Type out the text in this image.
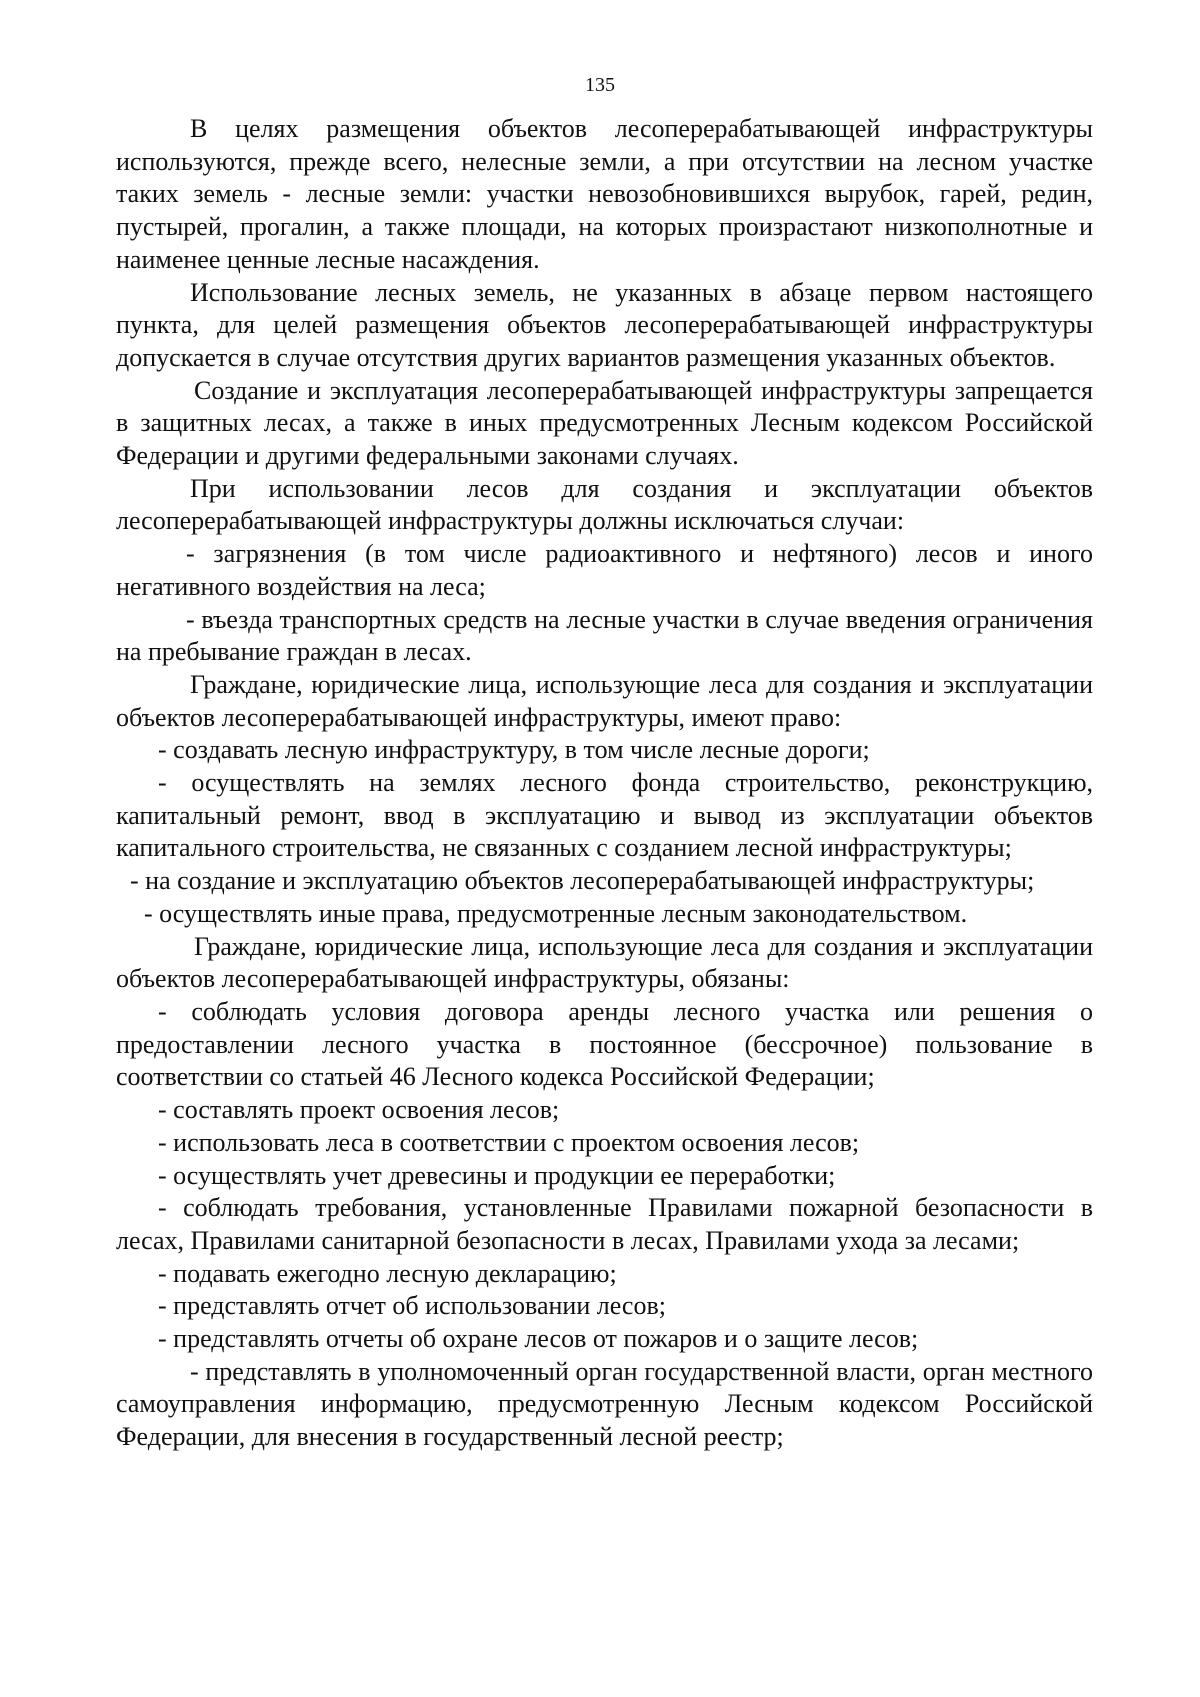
135

В целях размещения объектов лесоперерабатывающей инфраструктуры используются, прежде всего, нелесные земли, а при отсутствии на лесном участке таких земель - лесные земли: участки невозобновившихся вырубок, гарей, редин, пустырей, прогалин, а также площади, на которых произрастают низкополнотные и наименее ценные лесные насаждения.

Использование лесных земель, не указанных в абзаце первом настоящего пункта, для целей размещения объектов лесоперерабатывающей инфраструктуры допускается в случае отсутствия других вариантов размещения указанных объектов.

Создание и эксплуатация лесоперерабатывающей инфраструктуры запрещается в защитных лесах, а также в иных предусмотренных Лесным кодексом Российской Федерации и другими федеральными законами случаях.

При использовании лесов для создания и эксплуатации объектов лесоперерабатывающей инфраструктуры должны исключаться случаи:

- загрязнения (в том числе радиоактивного и нефтяного) лесов и иного негативного воздействия на леса;

- въезда транспортных средств на лесные участки в случае введения ограничения на пребывание граждан в лесах.

Граждане, юридические лица, использующие леса для создания и эксплуатации объектов лесоперерабатывающей инфраструктуры, имеют право:

- создавать лесную инфраструктуру, в том числе лесные дороги;

- осуществлять на землях лесного фонда строительство, реконструкцию, капитальный ремонт, ввод в эксплуатацию и вывод из эксплуатации объектов капитального строительства, не связанных с созданием лесной инфраструктуры;

- на создание и эксплуатацию объектов лесоперерабатывающей инфраструктуры;

- осуществлять иные права, предусмотренные лесным законодательством.

Граждане, юридические лица, использующие леса для создания и эксплуатации объектов лесоперерабатывающей инфраструктуры, обязаны:

- соблюдать условия договора аренды лесного участка или решения о предоставлении лесного участка в постоянное (бессрочное) пользование в соответствии со статьей 46 Лесного кодекса Российской Федерации;

- составлять проект освоения лесов;

- использовать леса в соответствии с проектом освоения лесов;

- осуществлять учет древесины и продукции ее переработки;

- соблюдать требования, установленные Правилами пожарной безопасности в лесах, Правилами санитарной безопасности в лесах, Правилами ухода за лесами;

- подавать ежегодно лесную декларацию;

- представлять отчет об использовании лесов;

- представлять отчеты об охране лесов от пожаров и о защите лесов;

- представлять в уполномоченный орган государственной власти, орган местного самоуправления информацию, предусмотренную Лесным кодексом Российской Федерации, для внесения в государственный лесной реестр;
